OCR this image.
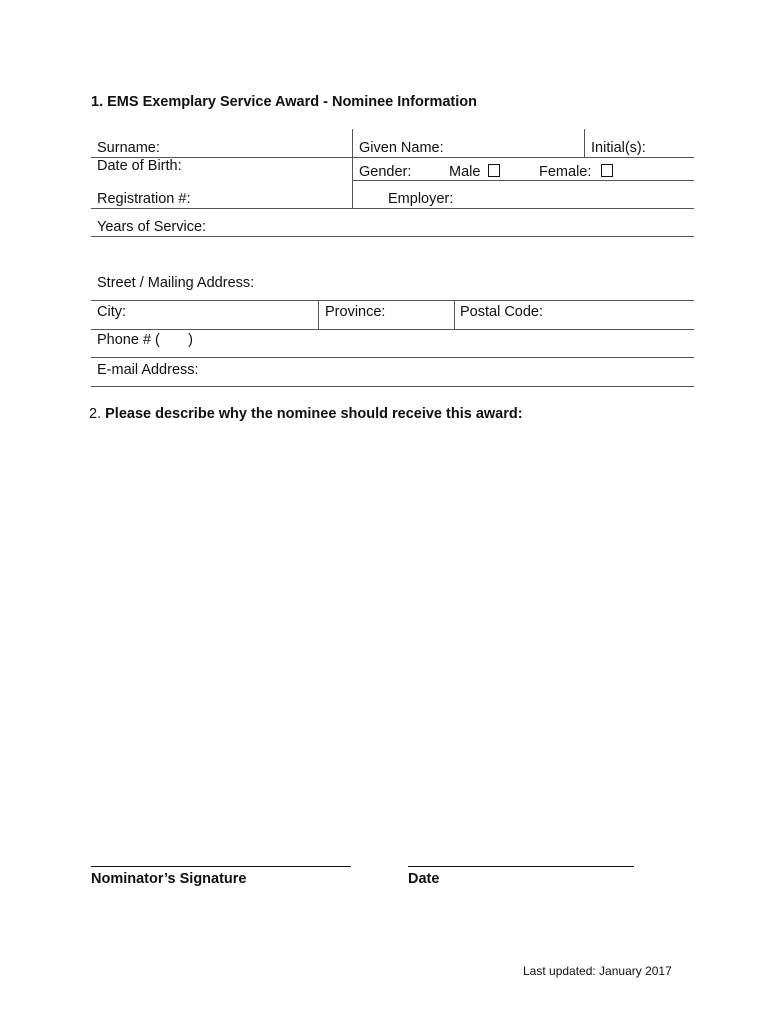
1. EMS Exemplary Service Award - Nominee Information
Surname:	Given Name:	Initial(s):
Date of Birth:	Gender:	Male	Female:
Registration #:	Employer:
Years of Service:
Street / Mailing Address:
City:	Province:	Postal Code:
Phone # (       )
E-mail Address:
2. Please describe why the nominee should receive this award:
Nominator’s Signature	Date
Last updated: January 2017
